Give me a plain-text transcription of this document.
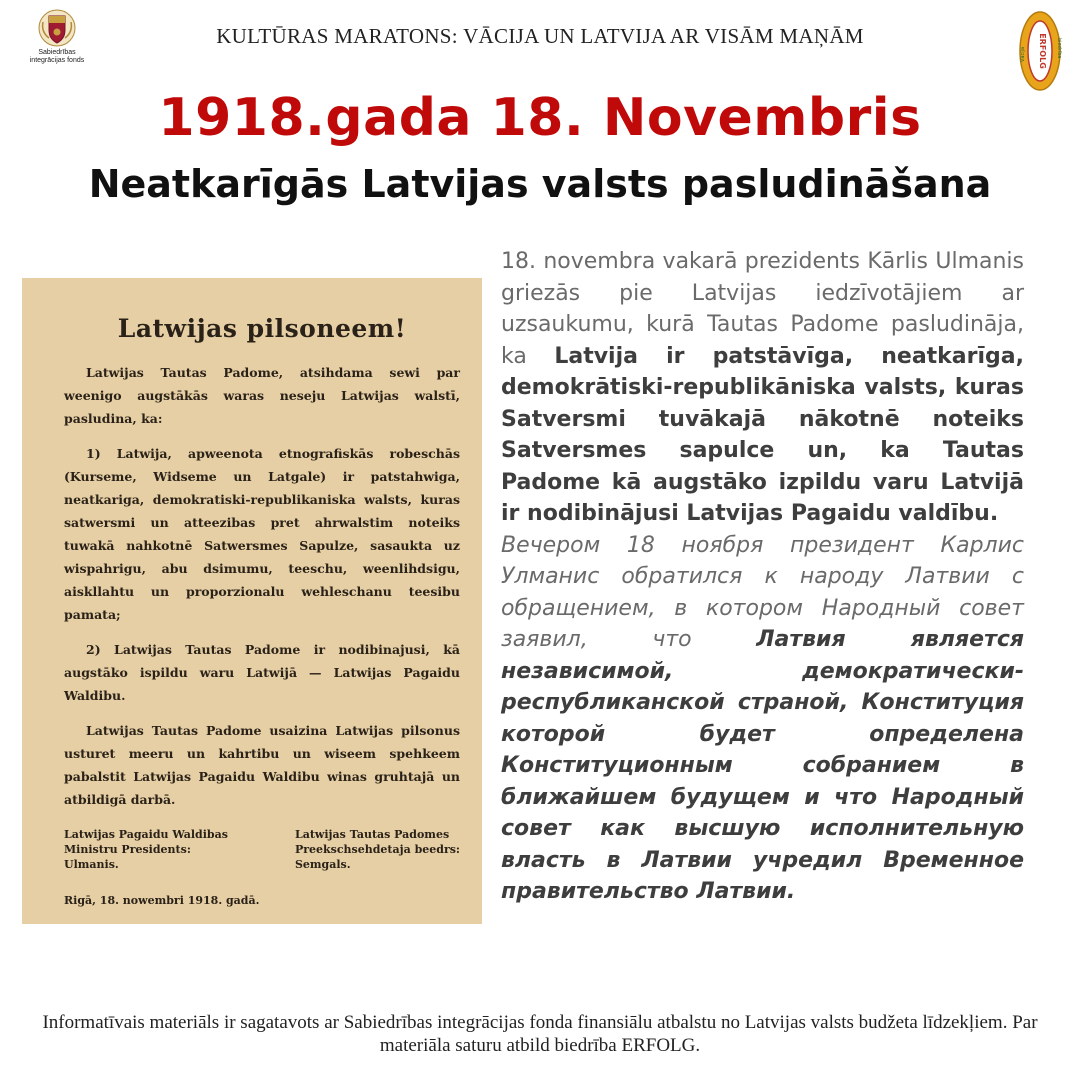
Sabiedrības integrācijas fonds
KULTŪRAS MARATONS: VĀCIJA UN LATVIJA AR VISĀM MAŅĀM
Vācija	biedrība
ERFOLG
1918.gada 18. Novembris
Neatkarīgās Latvijas valsts pasludināšana
Latwijas pilsoneem!

Latwijas Tautas Padome, atsihdama sewi par weenigo augstākās waras neseju Latwijas walstī, pasludina, ka:

1) Latwija, apweenota etnografiskās robeschās (Kurseme, Widseme un Latgale) ir patstahwiga, neatkariga, demokratiski-republikaniska walsts, kuras satwersmi un atteezibas pret ahrwalstim noteiks tuwakā nahkotnē Satwersmes Sapulze, sasaukta uz wispahrigu, abu dsimumu, teeschu, weenlihdsigu, aiskllahtu un proporzionalu wehleschanu teesibu pamata;

2) Latwijas Tautas Padome ir nodibinajusi, kā augstāko ispildu waru Latwijā — Latwijas Pagaidu Waldibu.

Latwijas Tautas Padome usaizina Latwijas pilsonus usturet meeru un kahrtibu un wiseem spehkeem pabalstit Latwijas Pagaidu Waldibu winas gruhtajā un atbildigā darbā.

Latwijas Pagaidu Waldibas
Ministru Presidents:
Ulmanis.
Latwijas Tautas Padomes
Preekschsehdetaja beedrs:
Semgals.
Rigā, 18. nowembri 1918. gadā.

18. novembra vakarā prezidents Kārlis Ulmanis griezās pie Latvijas iedzīvotājiem ar uzsaukumu, kurā Tautas Padome pasludināja, ka Latvija ir patstāvīga, neatkarīga, demokrātiski-republikāniska valsts, kuras Satversmi tuvākajā nākotnē noteiks Satversmes sapulce un, ka Tautas Padome kā augstāko izpildu varu Latvijā ir nodibinājusi Latvijas Pagaidu valdību.

Вечером 18 ноября президент Карлис Улманис обратился к народу Латвии с обращением, в котором Народный совет заявил, что Латвия является независимой, демократически-республиканской страной, Конституция которой будет определена Конституционным собранием в ближайшем будущем и что Народный совет как высшую исполнительную власть в Латвии учредил Временное правительство Латвии.

Informatīvais materiāls ir sagatavots ar Sabiedrības integrācijas fonda finansiālu atbalstu no Latvijas valsts budžeta līdzekļiem. Par materiāla saturu atbild biedrība ERFOLG.
